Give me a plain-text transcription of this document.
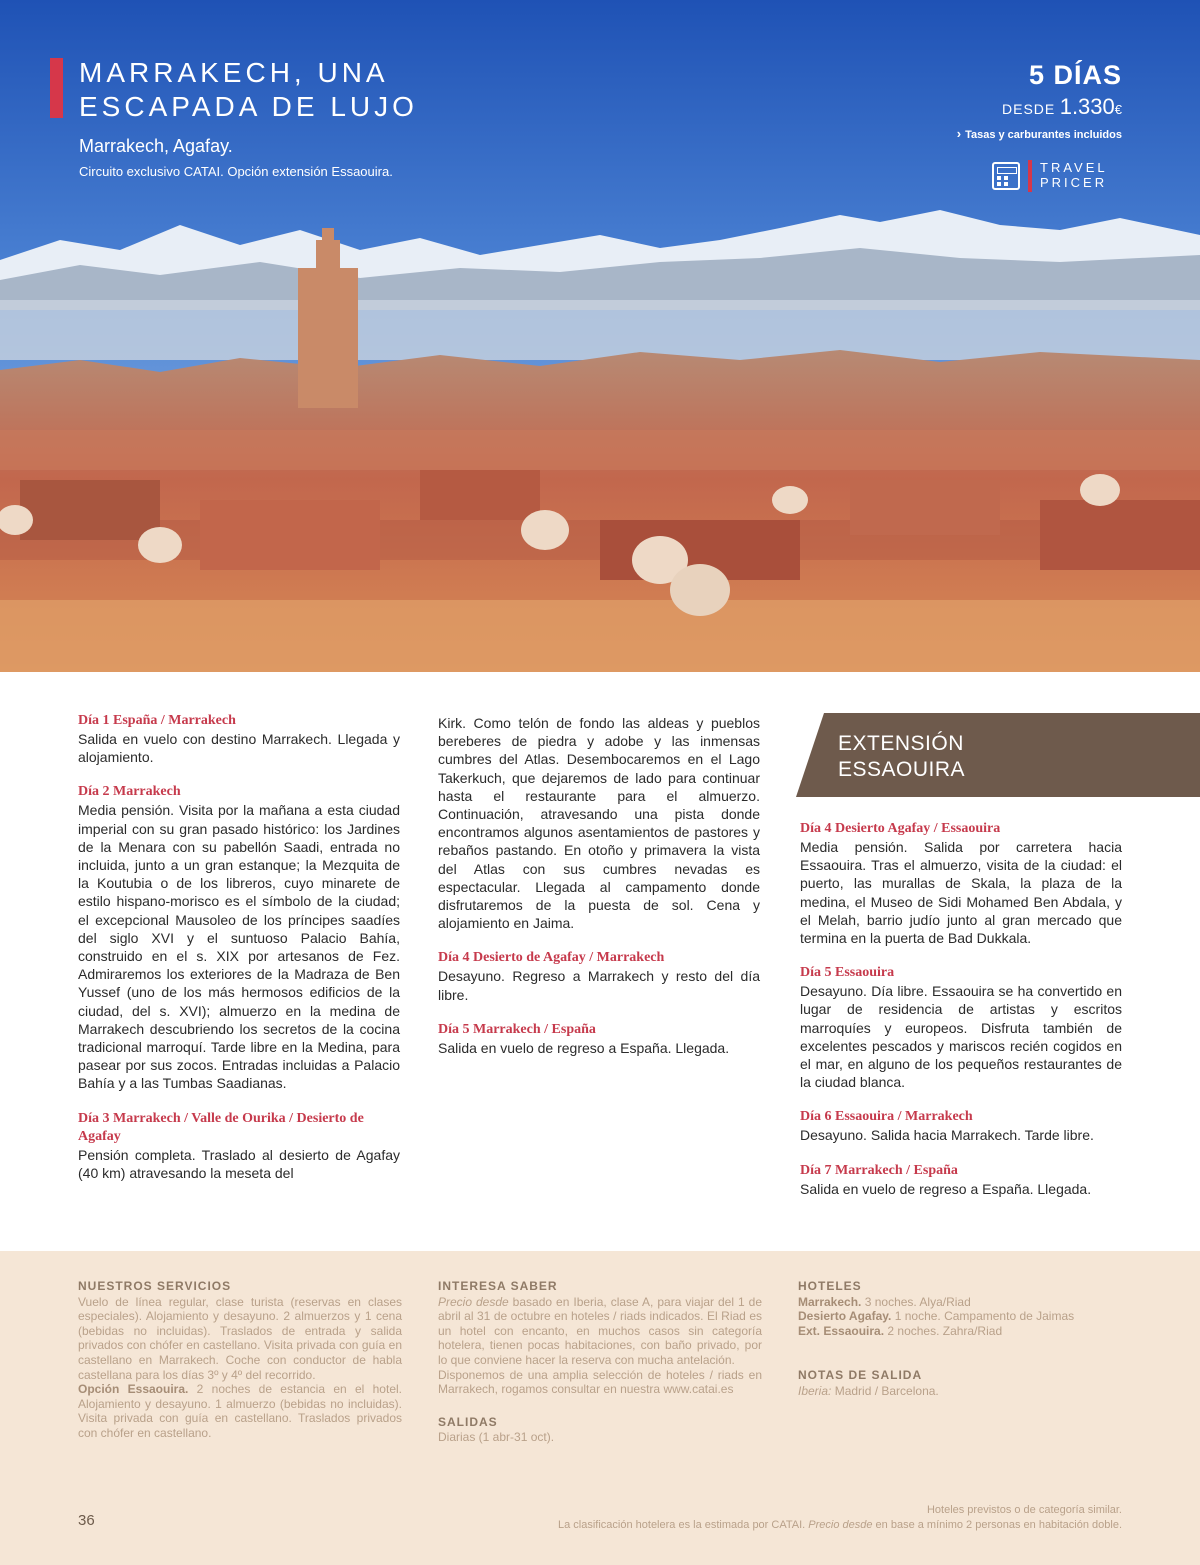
MARRAKECH, UNA
ESCAPADA DE LUJO
Marrakech, Agafay.
Circuito exclusivo CATAI. Opción extensión Essaouira.
5 DÍAS
DESDE 1.330€
› Tasas y carburantes incluidos
TRAVEL
PRICER
Día 1 España / Marrakech

Salida en vuelo con destino Marrakech. Llegada y alojamiento.

Día 2 Marrakech

Media pensión. Visita por la mañana a esta ciudad imperial con su gran pasado histórico: los Jardines de la Menara con su pabellón Saadi, entrada no incluida, junto a un gran estanque; la Mezquita de la Koutubia o de los libreros, cuyo minarete de estilo hispano-morisco es el símbolo de la ciudad; el excepcional Mausoleo de los príncipes saadíes del siglo XVI y el suntuoso Palacio Bahía, construido en el s. XIX por artesanos de Fez. Admiraremos los exteriores de la Madraza de Ben Yussef (uno de los más hermosos edificios de la ciudad, del s. XVI); almuerzo en la medina de Marrakech descubriendo los secretos de la cocina tradicional marroquí. Tarde libre en la Medina, para pasear por sus zocos. Entradas incluidas a Palacio Bahía y a las Tumbas Saadianas.

Día 3 Marrakech / Valle de Ourika / Desierto de Agafay

Pensión completa. Traslado al desierto de Agafay (40 km) atravesando la meseta del

Kirk. Como telón de fondo las aldeas y pueblos bereberes de piedra y adobe y las inmensas cumbres del Atlas. Desembocaremos en el Lago Takerkuch, que dejaremos de lado para continuar hasta el restaurante para el almuerzo. Continuación, atravesando una pista donde encontramos algunos asentamientos de pastores y rebaños pastando. En otoño y primavera la vista del Atlas con sus cumbres nevadas es espectacular. Llegada al campamento donde disfrutaremos de la puesta de sol. Cena y alojamiento en Jaima.

Día 4 Desierto de Agafay / Marrakech

Desayuno. Regreso a Marrakech y resto del día libre.

Día 5 Marrakech / España

Salida en vuelo de regreso a España. Llegada.

EXTENSIÓN
ESSAOUIRA
Día 4 Desierto Agafay / Essaouira

Media pensión. Salida por carretera hacia Essaouira. Tras el almuerzo, visita de la ciudad: el puerto, las murallas de Skala, la plaza de la medina, el Museo de Sidi Mohamed Ben Abdala, y el Melah, barrio judío junto al gran mercado que termina en la puerta de Bad Dukkala.

Día 5 Essaouira

Desayuno. Día libre. Essaouira se ha convertido en lugar de residencia de artistas y escritos marroquíes y europeos. Disfruta también de excelentes pescados y mariscos recién cogidos en el mar, en alguno de los pequeños restaurantes de la ciudad blanca.

Día 6 Essaouira / Marrakech

Desayuno. Salida hacia Marrakech. Tarde libre.

Día 7 Marrakech / España

Salida en vuelo de regreso a España. Llegada.

NUESTROS SERVICIOS

Vuelo de línea regular, clase turista (reservas en clases especiales). Alojamiento y desayuno. 2 almuerzos y 1 cena (bebidas no incluidas). Traslados de entrada y salida privados con chófer en castellano. Visita privada con guía en castellano en Marrakech. Coche con conductor de habla castellana para los días 3º y 4º del recorrido.
Opción Essaouira. 2 noches de estancia en el hotel. Alojamiento y desayuno. 1 almuerzo (bebidas no incluidas). Visita privada con guía en castellano. Traslados privados con chófer en castellano.

INTERESA SABER

Precio desde basado en Iberia, clase A, para viajar del 1 de abril al 31 de octubre en hoteles / riads indicados. El Riad es un hotel con encanto, en muchos casos sin categoría hotelera, tienen pocas habitaciones, con baño privado, por lo que conviene hacer la reserva con mucha antelación.

Disponemos de una amplia selección de hoteles / riads en Marrakech, rogamos consultar en nuestra www.catai.es

SALIDAS

Diarias (1 abr-31 oct).

HOTELES
Marrakech. 3 noches. Alya/Riad
Desierto Agafay. 1 noche. Campamento de Jaimas
Ext. Essaouira. 2 noches. Zahra/Riad
NOTAS DE SALIDA
Iberia: Madrid / Barcelona.
36
Hoteles previstos o de categoría similar.
La clasificación hotelera es la estimada por CATAI. Precio desde en base a mínimo 2 personas en habitación doble.
